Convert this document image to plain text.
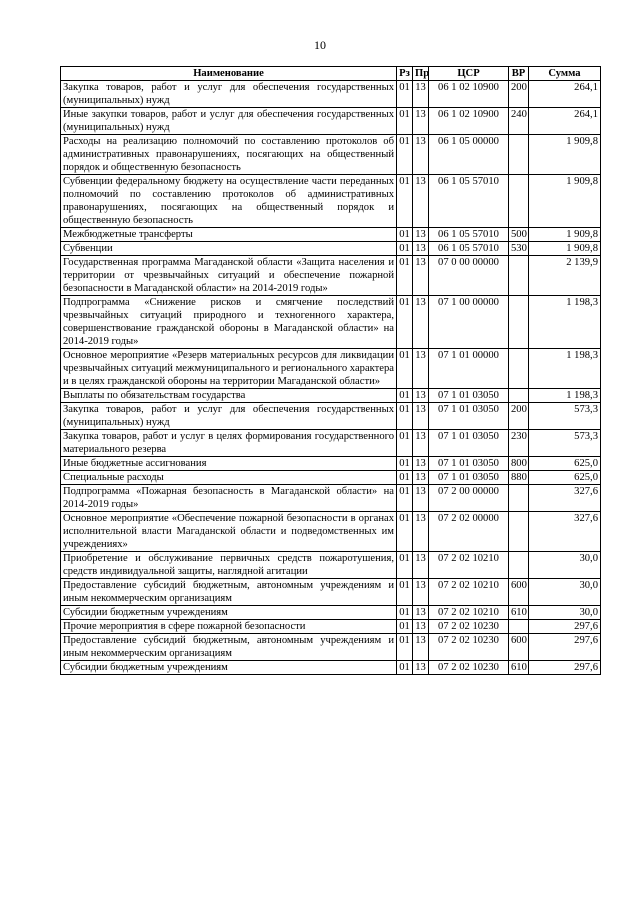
10
Наименование	Рз	Пр	ЦСР	ВР	Сумма
Закупка товаров, работ и услуг для обеспечения государственных (муниципальных) нужд	01	13	06 1 02 10900	200	264,1
Иные закупки товаров, работ и услуг для обеспечения государственных (муниципальных) нужд	01	13	06 1 02 10900	240	264,1
Расходы на реализацию полномочий по составлению протоколов об административных правонарушениях, посягающих на общественный порядок и общественную безопасность	01	13	06 1 05 00000		1 909,8
Субвенции федеральному бюджету на осуществление части переданных полномочий по составлению протоколов об административных правонарушениях, посягающих на общественный порядок и общественную безопасность	01	13	06 1 05 57010		1 909,8
Межбюджетные трансферты	01	13	06 1 05 57010	500	1 909,8
Субвенции	01	13	06 1 05 57010	530	1 909,8
Государственная программа Магаданской области «Защита населения и территории от чрезвычайных ситуаций и обеспечение пожарной безопасности в Магаданской области» на 2014-2019 годы»	01	13	07 0 00 00000		2 139,9
Подпрограмма «Снижение рисков и смягчение последствий чрезвычайных ситуаций природного и техногенного характера, совершенствование гражданской обороны в Магаданской области» на 2014-2019 годы»	01	13	07 1 00 00000		1 198,3
Основное мероприятие «Резерв материальных ресурсов для ликвидации чрезвычайных ситуаций межмуниципального и регионального характера и в целях гражданской обороны на территории Магаданской области»	01	13	07 1 01 00000		1 198,3
Выплаты по обязательствам государства	01	13	07 1 01 03050		1 198,3
Закупка товаров, работ и услуг для обеспечения государственных (муниципальных) нужд	01	13	07 1 01 03050	200	573,3
Закупка товаров, работ и услуг в целях формирования государственного материального резерва	01	13	07 1 01 03050	230	573,3
Иные бюджетные ассигнования	01	13	07 1 01 03050	800	625,0
Специальные расходы	01	13	07 1 01 03050	880	625,0
Подпрограмма «Пожарная безопасность в Магаданской области» на 2014-2019 годы»	01	13	07 2 00 00000		327,6
Основное мероприятие «Обеспечение пожарной безопасности в органах исполнительной власти Магаданской области и подведомственных им учреждениях»	01	13	07 2 02 00000		327,6
Приобретение и обслуживание первичных средств пожаротушения, средств индивидуальной защиты, наглядной агитации	01	13	07 2 02 10210		30,0
Предоставление субсидий бюджетным, автономным учреждениям и иным некоммерческим организациям	01	13	07 2 02 10210	600	30,0
Субсидии бюджетным учреждениям	01	13	07 2 02 10210	610	30,0
Прочие мероприятия в сфере пожарной безопасности	01	13	07 2 02 10230		297,6
Предоставление субсидий бюджетным, автономным учреждениям и иным некоммерческим организациям	01	13	07 2 02 10230	600	297,6
Субсидии бюджетным учреждениям	01	13	07 2 02 10230	610	297,6
